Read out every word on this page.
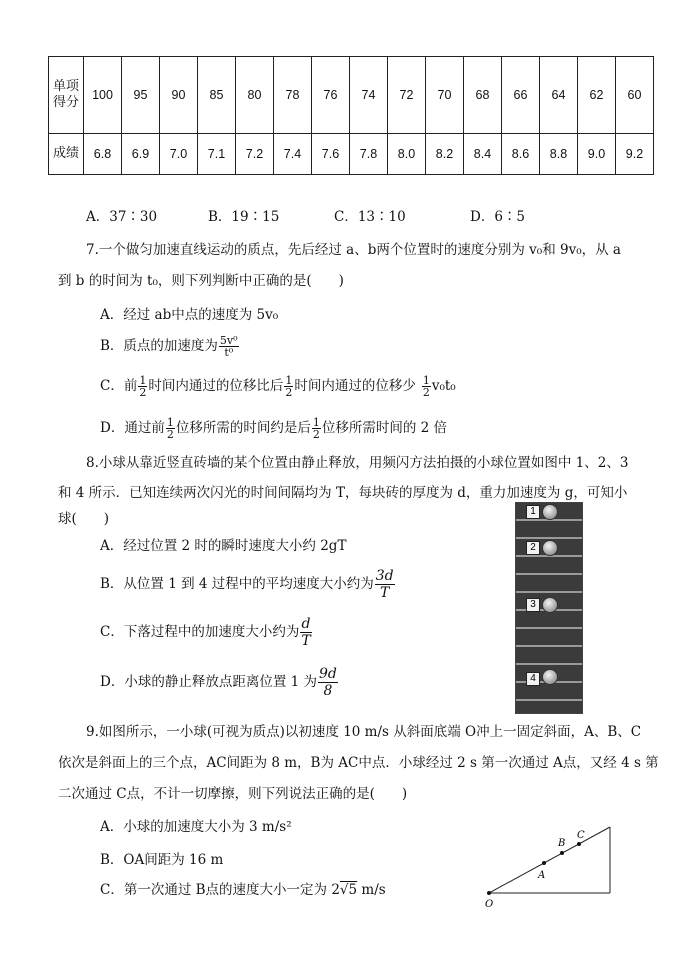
单项得分	100	95	90	85	80	78	76	74	72	70	68	66	64	62	60
成绩	6.8	6.9	7.0	7.1	7.2	7.4	7.6	7.8	8.0	8.2	8.4	8.6	8.8	9.0	9.2
A．37∶30	B．19∶15	C．13∶10	D．6∶5
7.一个做匀加速直线运动的质点，先后经过 a、b两个位置时的速度分别为 v₀和 9v₀，从 a
到 b 的时间为 t₀，则下列判断中正确的是(　　)
A．经过 ab中点的速度为 5v₀
B．质点的加速度为 $\frac{\text{5v⁰}}{\text{t⁰}}$
C．前 $\frac{1}{2}$ 时间内通过的位移比后 $\frac{1}{2}$ 时间内通过的位移少 $\frac{1}{2} v_0t_0$
D．通过前 $\frac{1}{2}$ 位移所需的时间约是后 $\frac{1}{2}$ 位移所需时间的 2 倍
8.小球从靠近竖直砖墙的某个位置由静止释放，用频闪方法拍摄的小球位置如图中 1、2、3
和 4 所示．已知连续两次闪光的时间间隔均为 T，每块砖的厚度为 d，重力加速度为 g，可知小
球(　　)
A．经过位置 2 时的瞬时速度大小约 2gT
B．从位置 1 到 4 过程中的平均速度大小约为 $\frac{3d}{T}$
C．下落过程中的加速度大小约为 $\frac{d}{T}$
D．小球的静止释放点距离位置 1 为 $\frac{9d}{8}$
1
2
3
4
9.如图所示，一小球(可视为质点)以初速度 10 m/s 从斜面底端 O冲上一固定斜面，A、B、C
依次是斜面上的三个点，AC间距为 8 m，B为 AC中点．小球经过 2 s 第一次通过 A点，又经 4 s 第
二次通过 C点，不计一切摩擦，则下列说法正确的是(　　)
A．小球的加速度大小为 3 m/s²
B．OA间距为 16 m
C．第一次通过 B点的速度大小一定为 2√5 m/s
O
A
B
C
